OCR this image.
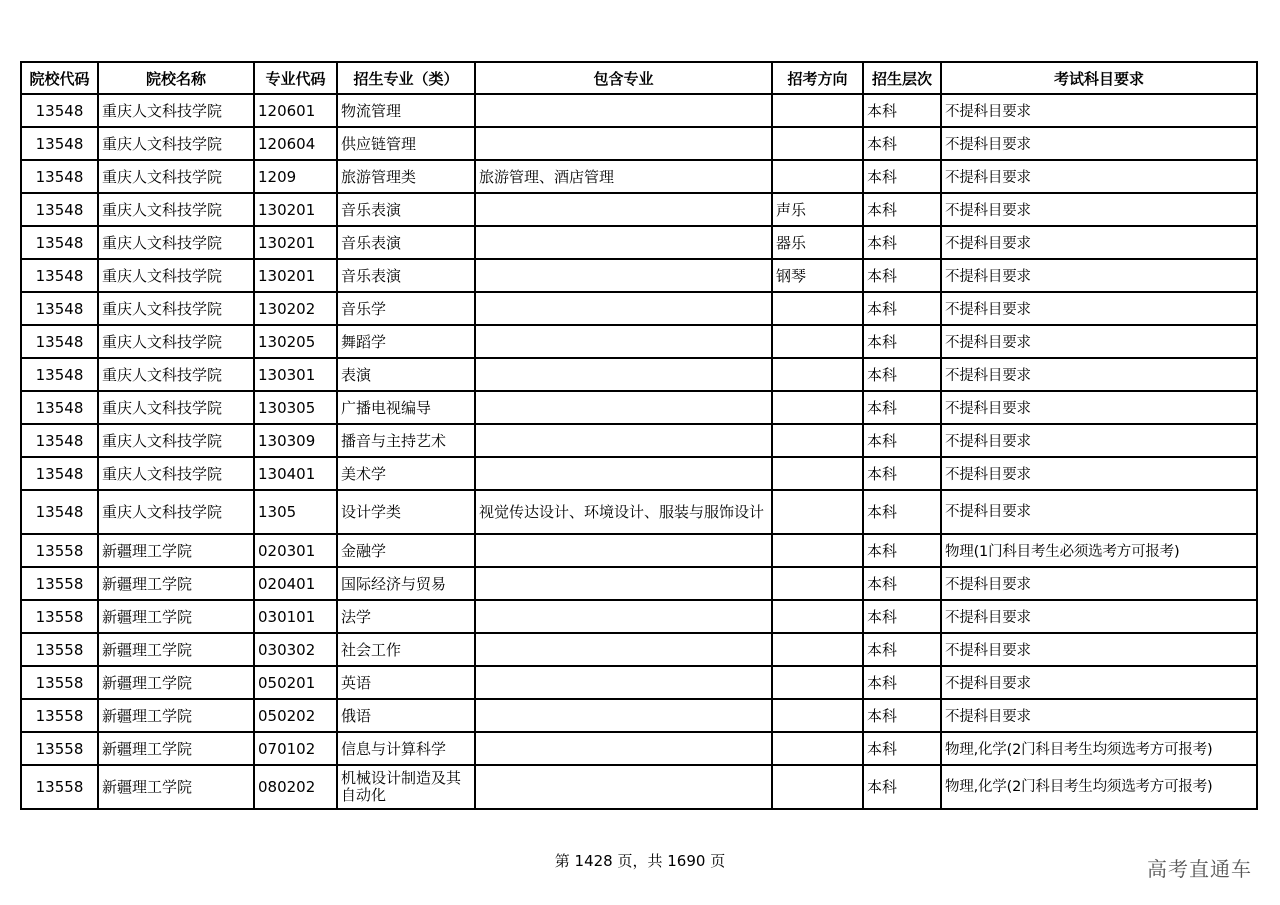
院校代码	院校名称	专业代码	招生专业（类）	包含专业	招考方向	招生层次	考试科目要求
13548	重庆人文科技学院	120601	物流管理			本科	不提科目要求
13548	重庆人文科技学院	120604	供应链管理			本科	不提科目要求
13548	重庆人文科技学院	1209	旅游管理类	旅游管理、酒店管理		本科	不提科目要求
13548	重庆人文科技学院	130201	音乐表演		声乐	本科	不提科目要求
13548	重庆人文科技学院	130201	音乐表演		器乐	本科	不提科目要求
13548	重庆人文科技学院	130201	音乐表演		钢琴	本科	不提科目要求
13548	重庆人文科技学院	130202	音乐学			本科	不提科目要求
13548	重庆人文科技学院	130205	舞蹈学			本科	不提科目要求
13548	重庆人文科技学院	130301	表演			本科	不提科目要求
13548	重庆人文科技学院	130305	广播电视编导			本科	不提科目要求
13548	重庆人文科技学院	130309	播音与主持艺术			本科	不提科目要求
13548	重庆人文科技学院	130401	美术学			本科	不提科目要求
13548	重庆人文科技学院	1305	设计学类	视觉传达设计、环境设计、服装与服饰设计		本科	不提科目要求
13558	新疆理工学院	020301	金融学			本科	物理(1门科目考生必须选考方可报考)
13558	新疆理工学院	020401	国际经济与贸易			本科	不提科目要求
13558	新疆理工学院	030101	法学			本科	不提科目要求
13558	新疆理工学院	030302	社会工作			本科	不提科目要求
13558	新疆理工学院	050201	英语			本科	不提科目要求
13558	新疆理工学院	050202	俄语			本科	不提科目要求
13558	新疆理工学院	070102	信息与计算科学			本科	物理,化学(2门科目考生均须选考方可报考)
13558	新疆理工学院	080202	机械设计制造及其自动化			本科	物理,化学(2门科目考生均须选考方可报考)
第 1428 页，共 1690 页	高考直通车
